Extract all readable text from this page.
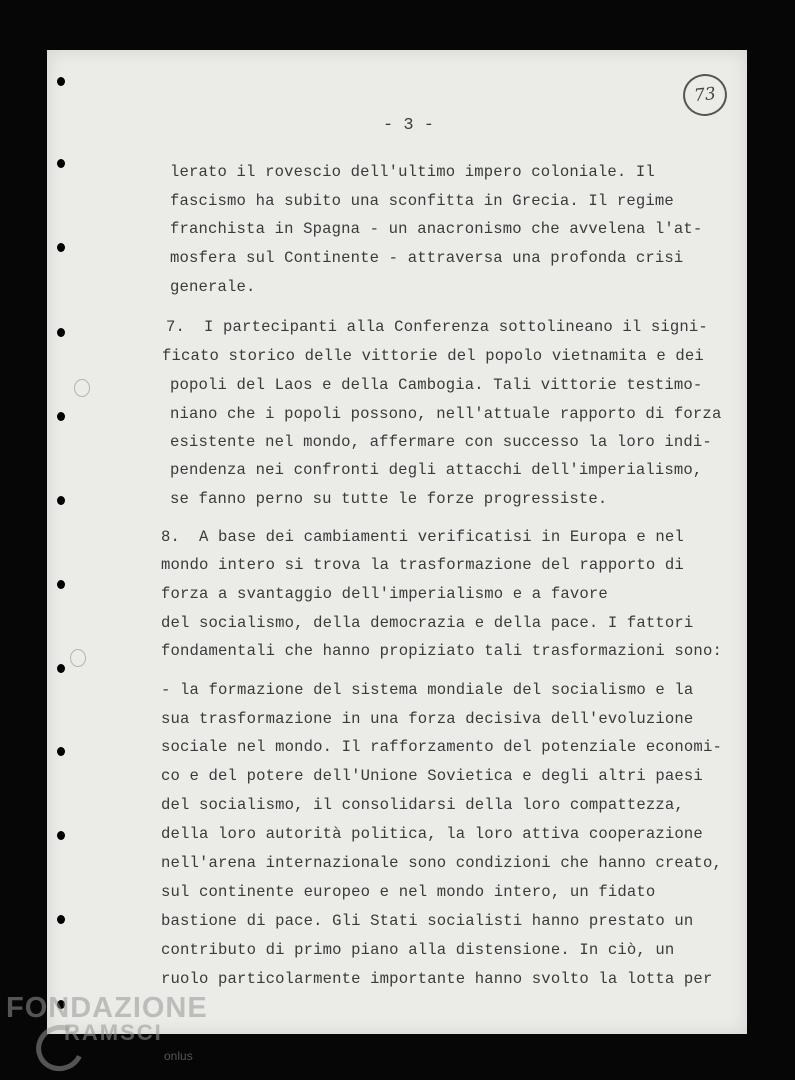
- 3 -
73
lerato il rovescio dell'ultimo impero coloniale. Il
fascismo ha subito una sconfitta in Grecia. Il regime
franchista in Spagna - un anacronismo che avvelena l'at-
mosfera sul Continente - attraversa una profonda crisi
generale.
7.  I partecipanti alla Conferenza sottolineano il signi-
ficato storico delle vittorie del popolo vietnamita e dei
popoli del Laos e della Cambogia. Tali vittorie testimo-
niano che i popoli possono, nell'attuale rapporto di forza
esistente nel mondo, affermare con successo la loro indi-
pendenza nei confronti degli attacchi dell'imperialismo,
se fanno perno su tutte le forze progressiste.
8.  A base dei cambiamenti verificatisi in Europa e nel
mondo intero si trova la trasformazione del rapporto di
forza a svantaggio dell'imperialismo e a favore
del socialismo, della democrazia e della pace. I fattori
fondamentali che hanno propiziato tali trasformazioni sono:
- la formazione del sistema mondiale del socialismo e la
sua trasformazione in una forza decisiva dell'evoluzione
sociale nel mondo. Il rafforzamento del potenziale economi-
co e del potere dell'Unione Sovietica e degli altri paesi
del socialismo, il consolidarsi della loro compattezza,
della loro autorità politica, la loro attiva cooperazione
nell'arena internazionale sono condizioni che hanno creato,
sul continente europeo e nel mondo intero, un fidato
bastione di pace. Gli Stati socialisti hanno prestato un
contributo di primo piano alla distensione. In ciò, un
ruolo particolarmente importante hanno svolto la lotta per
FONDAZIONE
RAMSCI
onlus
